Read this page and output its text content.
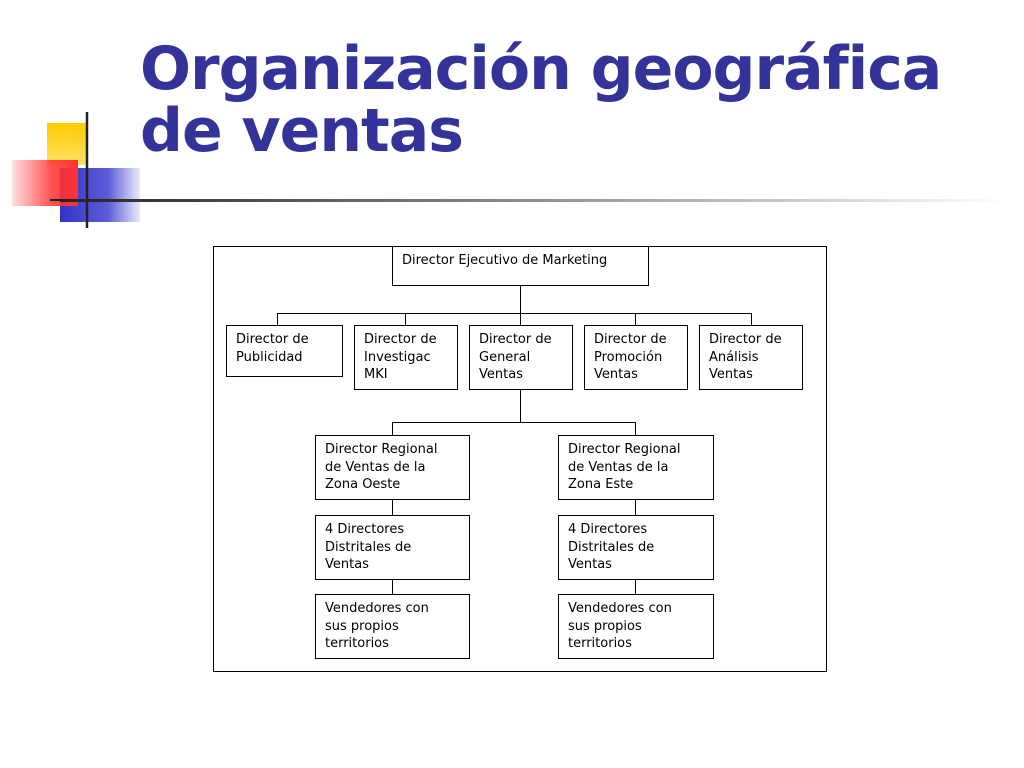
Organización geográfica
de ventas
Director Ejecutivo de Marketing
Director de
Publicidad
Director de
Investigac
MKI
Director de
General
Ventas
Director de
Promoción
Ventas
Director de
Análisis
Ventas
Director Regional
de Ventas de la
Zona Oeste
4 Directores
Distritales de
Ventas
Vendedores con
sus propios
territorios
Director Regional
de Ventas de la
Zona Este
4 Directores
Distritales de
Ventas
Vendedores con
sus propios
territorios
